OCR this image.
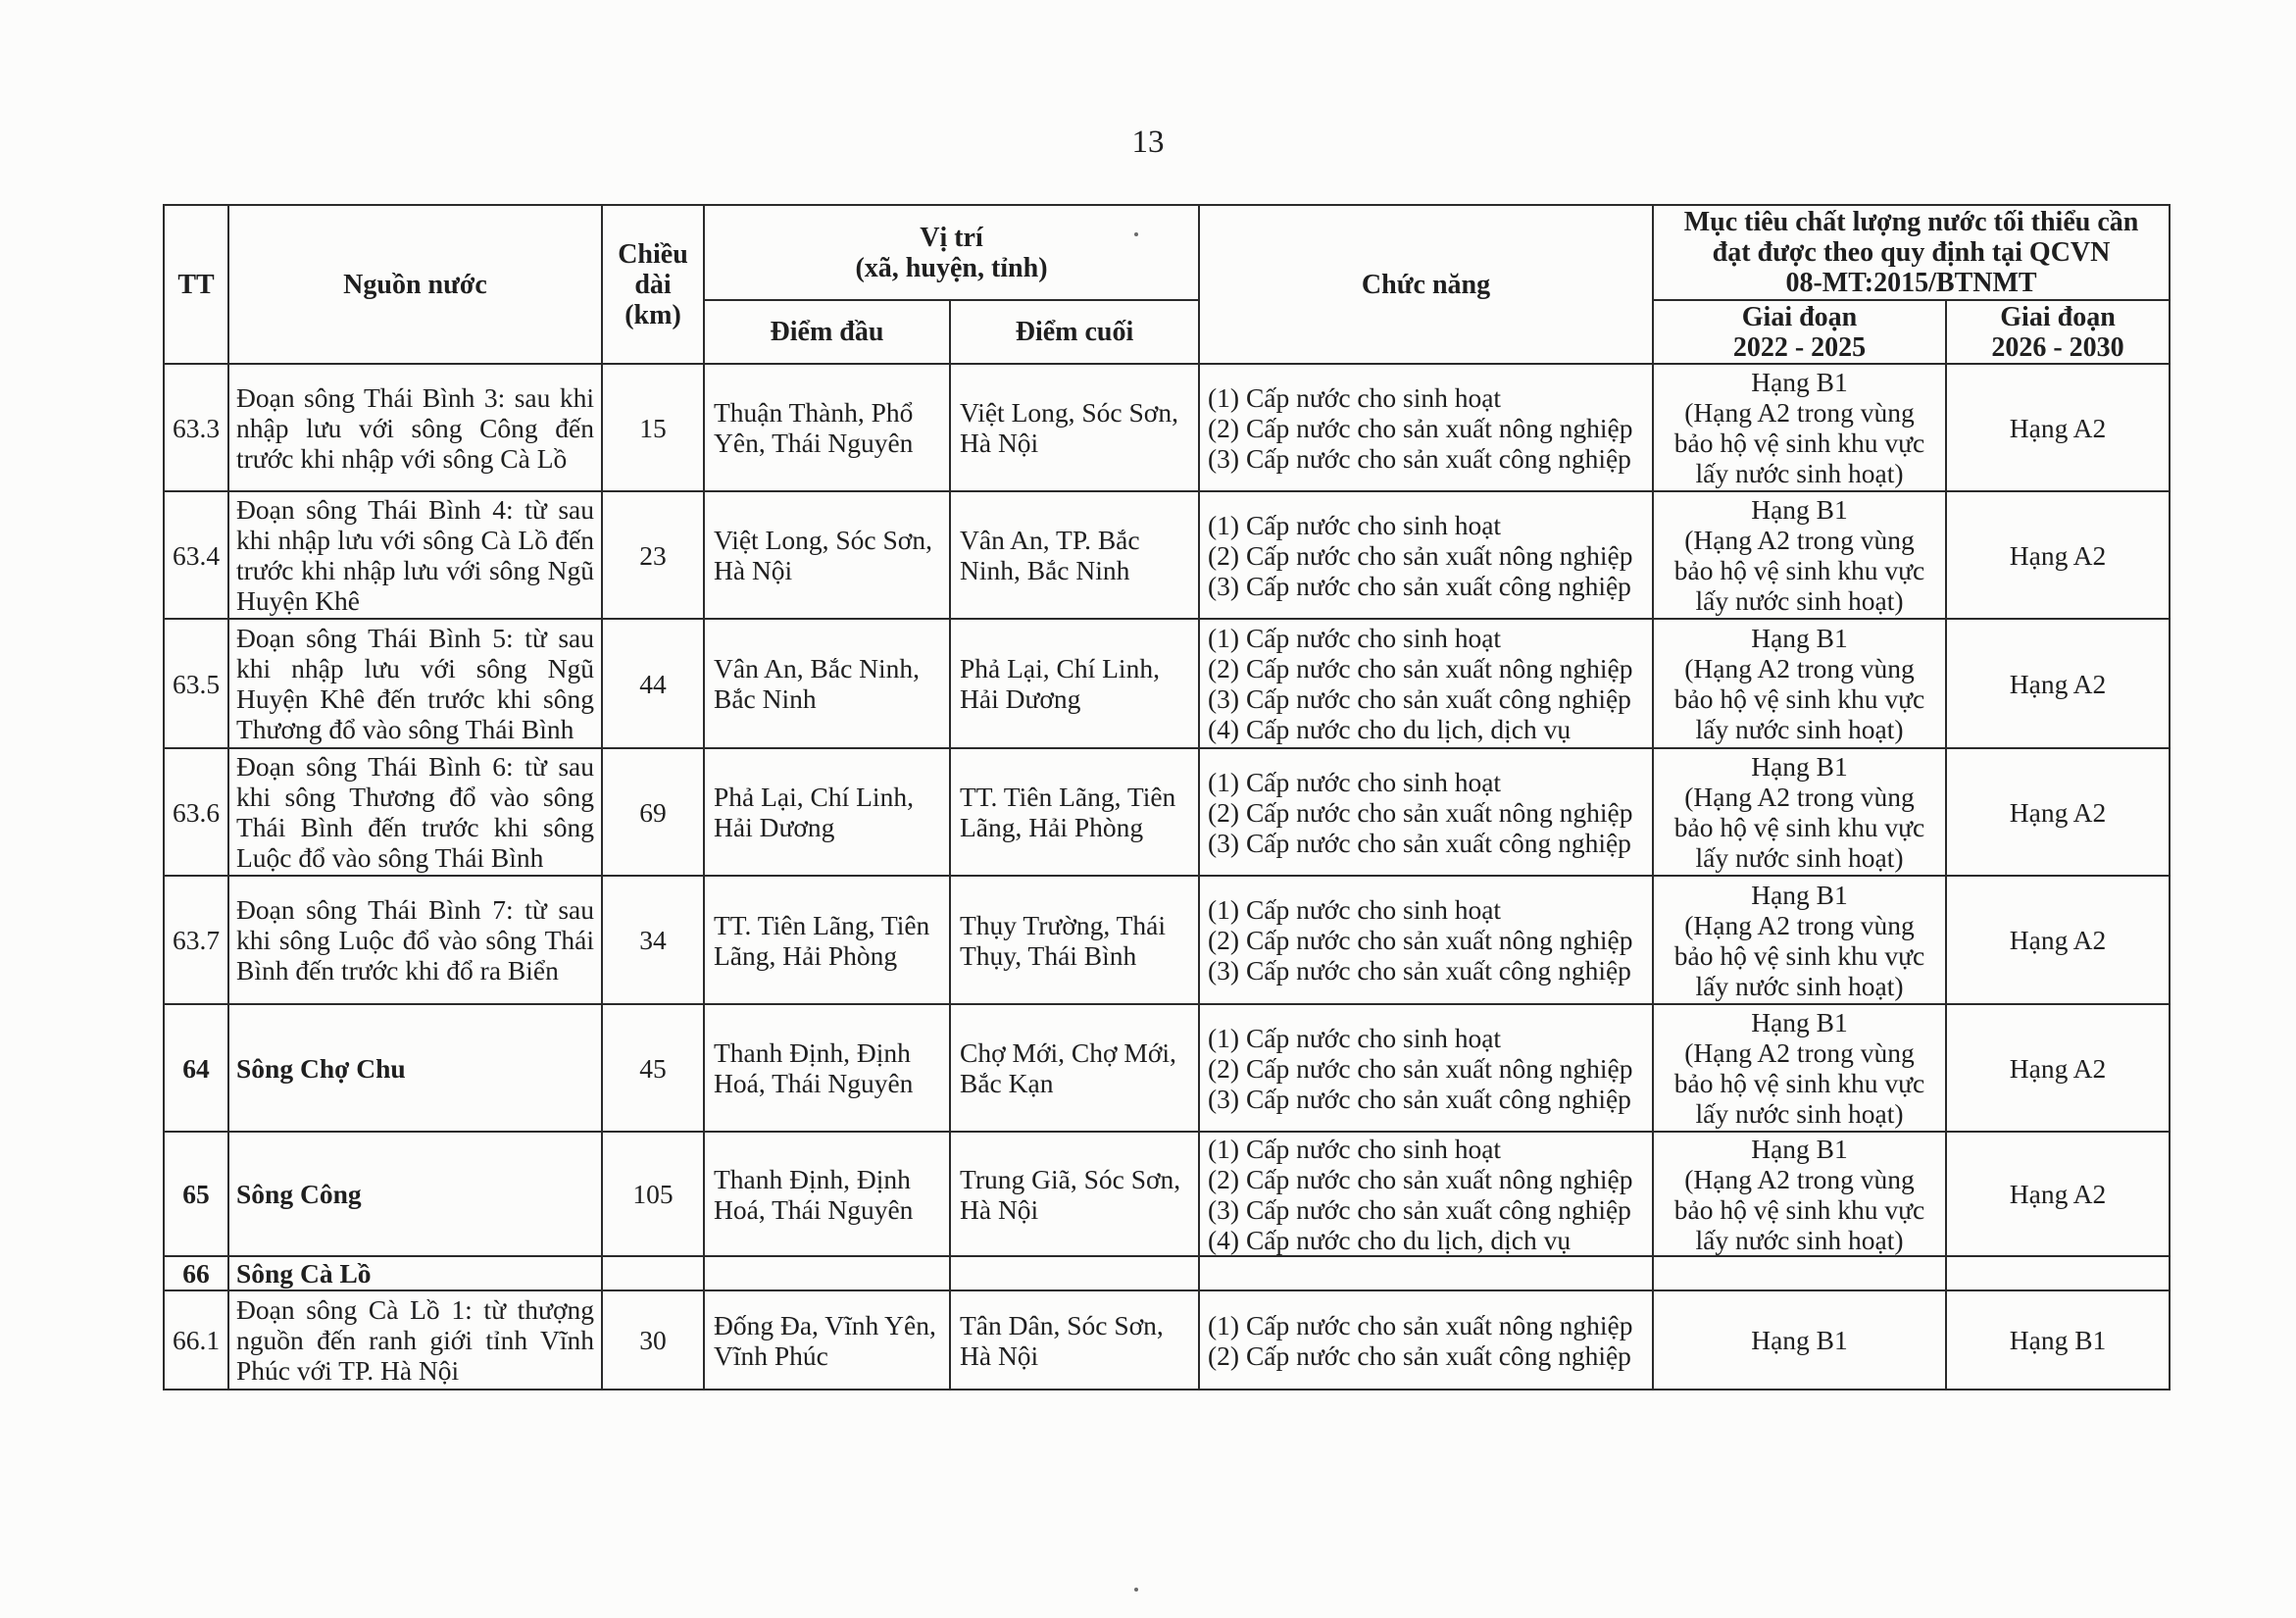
13
TT	Nguồn nước	Chiều
dài
(km)	Vị trí
(xã, huyện, tỉnh)		Chức năng	Mục tiêu chất lượng nước tối thiểu cần
đạt được theo quy định tại QCVN
08-MT:2015/BTNMT	

			Điểm đầu	Điểm cuối		Giai đoạn
2022 - 2025	Giai đoạn
2026 - 2030

63.3	Đoạn sông Thái Bình 3: sau khi
nhập lưu với sông Công đến
trước khi nhập với sông Cà Lồ	15	Thuận Thành, Phổ
Yên, Thái Nguyên	Việt Long, Sóc Sơn,
Hà Nội	(1) Cấp nước cho sinh hoạt
(2) Cấp nước cho sản xuất nông nghiệp
(3) Cấp nước cho sản xuất công nghiệp	Hạng B1
(Hạng A2 trong vùng
bảo hộ vệ sinh khu vực
lấy nước sinh hoạt)	Hạng A2
63.4	Đoạn sông Thái Bình 4: từ sau
khi nhập lưu với sông Cà Lồ đến
trước khi nhập lưu với sông Ngũ
Huyện Khê	23	Việt Long, Sóc Sơn,
Hà Nội	Vân An, TP. Bắc
Ninh, Bắc Ninh	(1) Cấp nước cho sinh hoạt
(2) Cấp nước cho sản xuất nông nghiệp
(3) Cấp nước cho sản xuất công nghiệp	Hạng B1
(Hạng A2 trong vùng
bảo hộ vệ sinh khu vực
lấy nước sinh hoạt)	Hạng A2
63.5	Đoạn sông Thái Bình 5: từ sau
khi nhập lưu với sông Ngũ
Huyện Khê đến trước khi sông
Thương đổ vào sông Thái Bình	44	Vân An, Bắc Ninh,
Bắc Ninh	Phả Lại, Chí Linh,
Hải Dương	(1) Cấp nước cho sinh hoạt
(2) Cấp nước cho sản xuất nông nghiệp
(3) Cấp nước cho sản xuất công nghiệp
(4) Cấp nước cho du lịch, dịch vụ	Hạng B1
(Hạng A2 trong vùng
bảo hộ vệ sinh khu vực
lấy nước sinh hoạt)	Hạng A2
63.6	Đoạn sông Thái Bình 6: từ sau
khi sông Thương đổ vào sông
Thái Bình đến trước khi sông
Luộc đổ vào sông Thái Bình	69	Phả Lại, Chí Linh,
Hải Dương	TT. Tiên Lãng, Tiên
Lãng, Hải Phòng	(1) Cấp nước cho sinh hoạt
(2) Cấp nước cho sản xuất nông nghiệp
(3) Cấp nước cho sản xuất công nghiệp	Hạng B1
(Hạng A2 trong vùng
bảo hộ vệ sinh khu vực
lấy nước sinh hoạt)	Hạng A2
63.7	Đoạn sông Thái Bình 7: từ sau
khi sông Luộc đổ vào sông Thái
Bình đến trước khi đổ ra Biển	34	TT. Tiên Lãng, Tiên
Lãng, Hải Phòng	Thụy Trường, Thái
Thụy, Thái Bình	(1) Cấp nước cho sinh hoạt
(2) Cấp nước cho sản xuất nông nghiệp
(3) Cấp nước cho sản xuất công nghiệp	Hạng B1
(Hạng A2 trong vùng
bảo hộ vệ sinh khu vực
lấy nước sinh hoạt)	Hạng A2
64	Sông Chợ Chu	45	Thanh Định, Định
Hoá, Thái Nguyên	Chợ Mới, Chợ Mới,
Bắc Kạn	(1) Cấp nước cho sinh hoạt
(2) Cấp nước cho sản xuất nông nghiệp
(3) Cấp nước cho sản xuất công nghiệp	Hạng B1
(Hạng A2 trong vùng
bảo hộ vệ sinh khu vực
lấy nước sinh hoạt)	Hạng A2
65	Sông Công	105	Thanh Định, Định
Hoá, Thái Nguyên	Trung Giã, Sóc Sơn,
Hà Nội	(1) Cấp nước cho sinh hoạt
(2) Cấp nước cho sản xuất nông nghiệp
(3) Cấp nước cho sản xuất công nghiệp
(4) Cấp nước cho du lịch, dịch vụ	Hạng B1
(Hạng A2 trong vùng
bảo hộ vệ sinh khu vực
lấy nước sinh hoạt)	Hạng A2
66	Sông Cà Lồ						
66.1	Đoạn sông Cà Lồ 1: từ thượng
nguồn đến ranh giới tỉnh Vĩnh
Phúc với TP. Hà Nội	30	Đống Đa, Vĩnh Yên,
Vĩnh Phúc	Tân Dân, Sóc Sơn,
Hà Nội	(1) Cấp nước cho sản xuất nông nghiệp
(2) Cấp nước cho sản xuất công nghiệp	Hạng B1	Hạng B1
